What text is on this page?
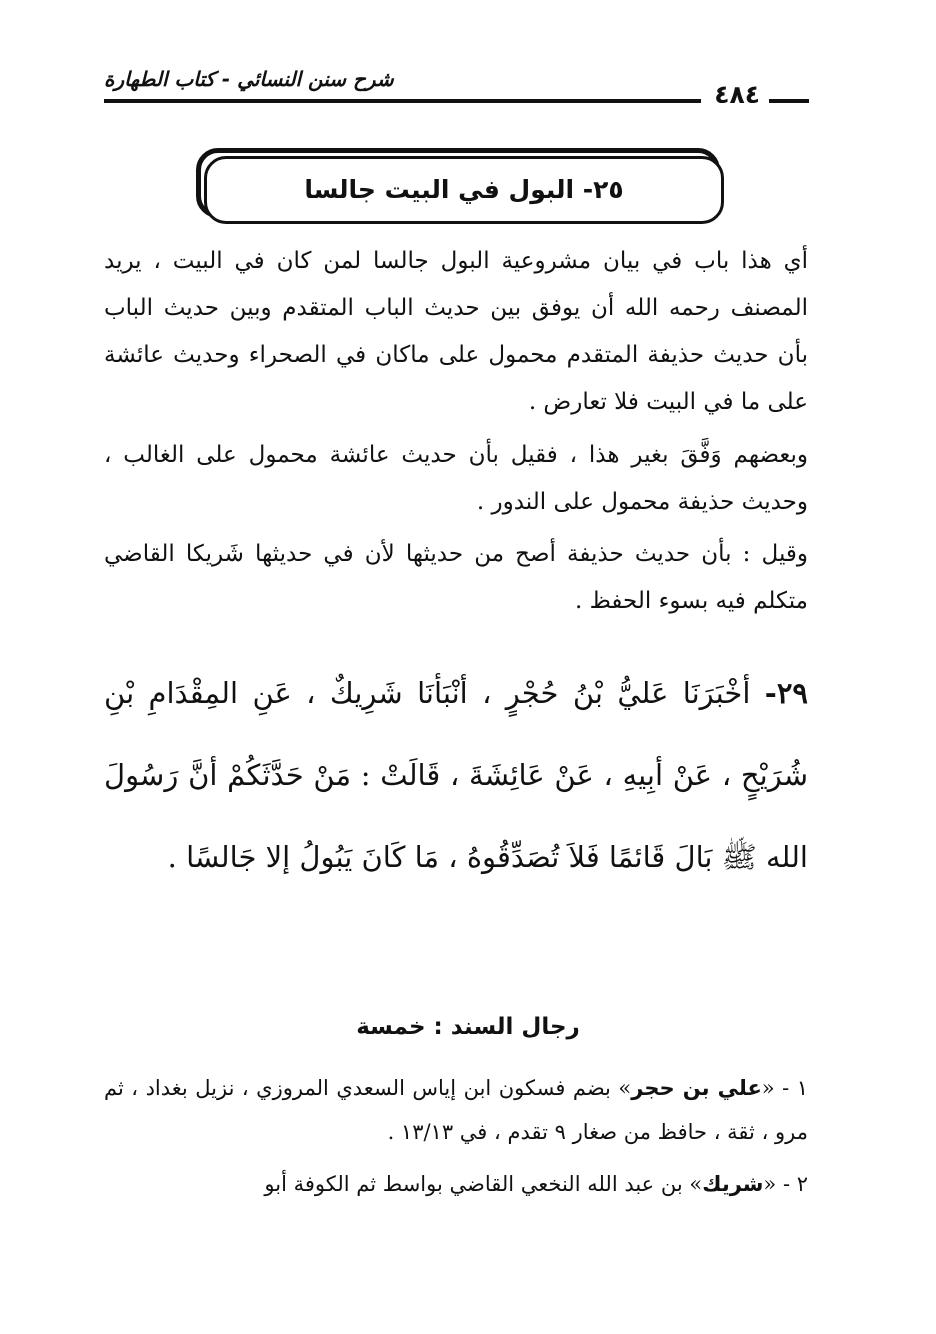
شرح سنن النسائي - كتاب الطهارة
٤٨٤
٢٥- البول في البيت جالسا
أي هذا باب في بيان مشروعية البول جالسا لمن كان في البيت ، يريد المصنف رحمه الله أن يوفق بين حديث الباب المتقدم وبين حديث الباب بأن حديث حذيفة المتقدم محمول على ماكان في الصحراء وحديث عائشة على ما في البيت فلا تعارض .
وبعضهم وَفَّقَ بغير هذا ، فقيل بأن حديث عائشة محمول على الغالب ، وحديث حذيفة محمول على الندور .
وقيل : بأن حديث حذيفة أصح من حديثها لأن في حديثها شَريكا القاضي متكلم فيه بسوء الحفظ .
٢٩- أخْبَرَنَا عَليُّ بْنُ حُجْرٍ ، أنْبَأنَا شَرِيكٌ ، عَنِ المِقْدَامِ بْنِ شُرَيْحٍ ، عَنْ أبِيهِ ، عَنْ عَائِشَةَ ، قَالَتْ : مَنْ حَدَّثَكُمْ أنَّ رَسُولَ الله ﷺ بَالَ قَائمًا فَلاَ تُصَدِّقُوهُ ، مَا كَانَ يَبُولُ إلا جَالسًا .
رجال السند : خمسة

١ - «علي بن حجر» بضم فسكون ابن إياس السعدي المروزي ، نزيل بغداد ، ثم مرو ، ثقة ، حافظ من صغار ٩ تقدم ، في ١٣/١٣ .

٢ - «شريك» بن عبد الله النخعي القاضي بواسط ثم الكوفة أبو
